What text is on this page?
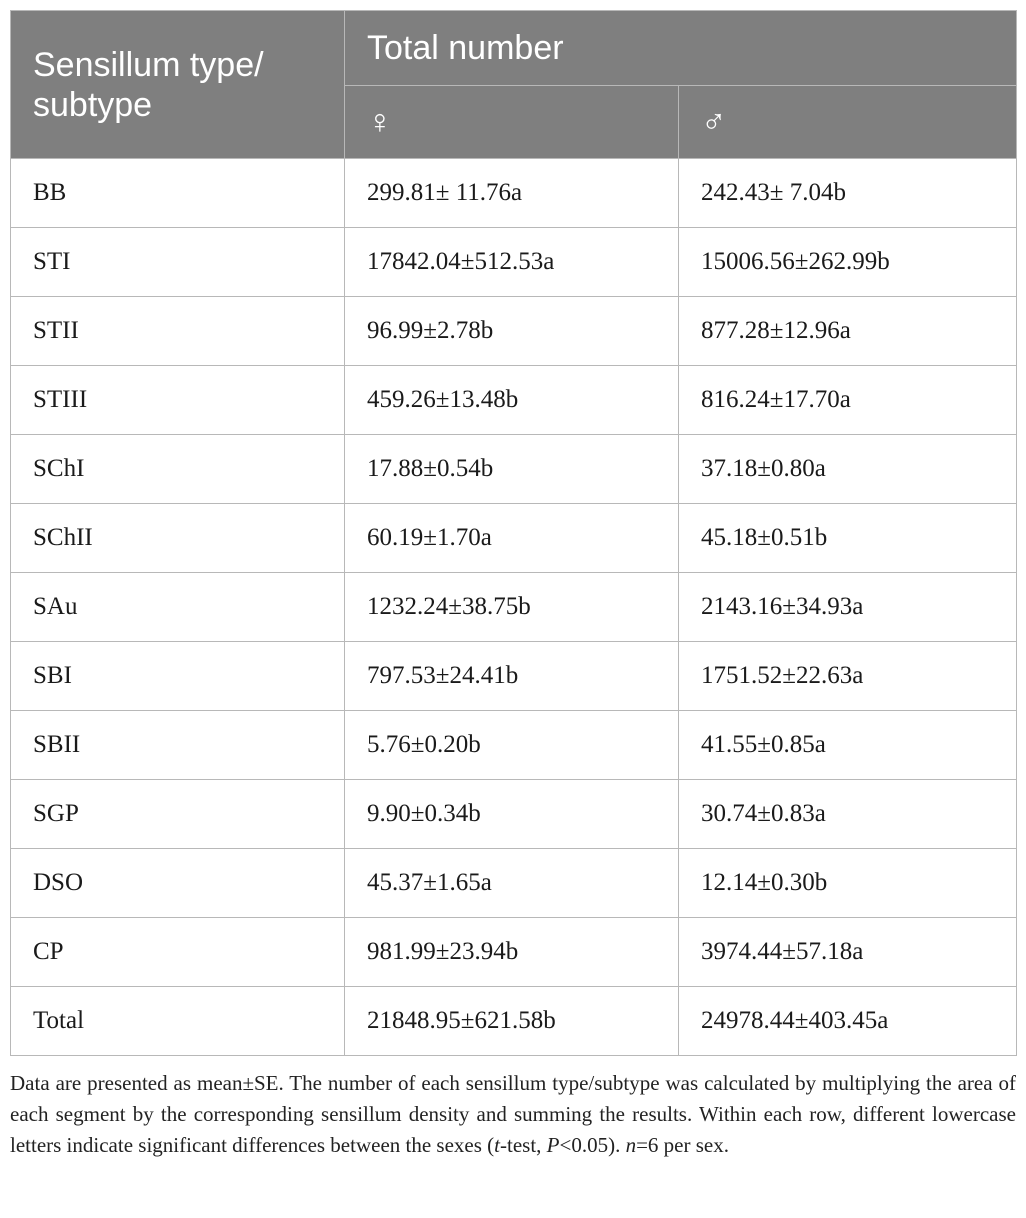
Sensillum type/ subtype	Total number	
	♀	♂
BB	299.81± 11.76a	242.43± 7.04b
STI	17842.04±512.53a	15006.56±262.99b
STII	96.99±2.78b	877.28±12.96a
STIII	459.26±13.48b	816.24±17.70a
SChI	17.88±0.54b	37.18±0.80a
SChII	60.19±1.70a	45.18±0.51b
SAu	1232.24±38.75b	2143.16±34.93a
SBI	797.53±24.41b	1751.52±22.63a
SBII	5.76±0.20b	41.55±0.85a
SGP	9.90±0.34b	30.74±0.83a
DSO	45.37±1.65a	12.14±0.30b
CP	981.99±23.94b	3974.44±57.18a
Total	21848.95±621.58b	24978.44±403.45a

Data are presented as mean±SE. The number of each sensillum type/subtype was calculated by multiplying the area of each segment by the corresponding sensillum density and summing the results. Within each row, different lowercase letters indicate significant differences between the sexes (t-test, P<0.05). n=6 per sex.
